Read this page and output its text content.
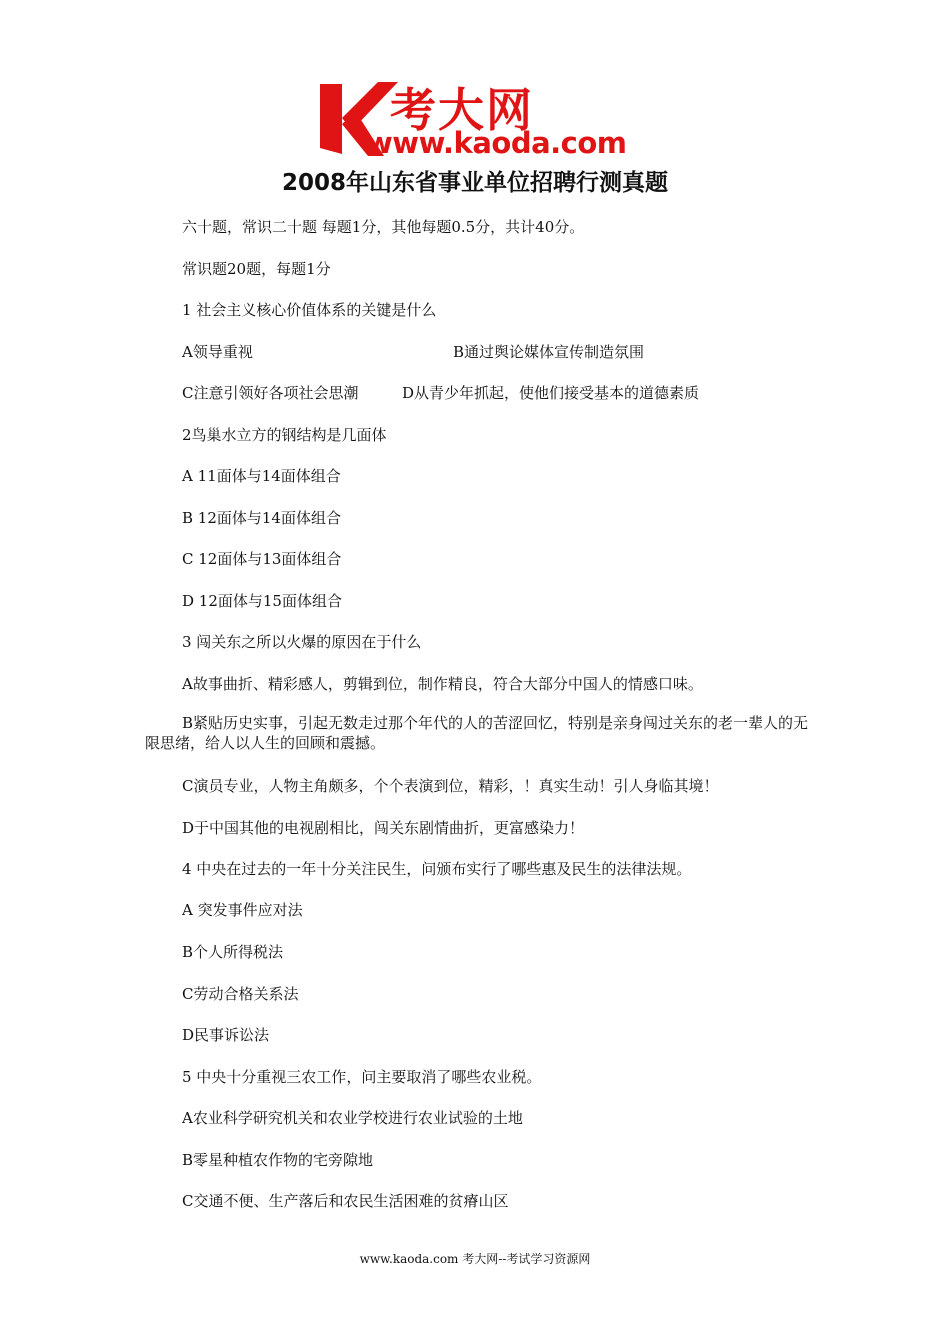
考大网
www.kaoda.com
2008年山东省事业单位招聘行测真题
六十题，常识二十题 每题1分，其他每题0.5分，共计40分。
常识题20题，每题1分
1 社会主义核心价值体系的关键是什么
A领导重视	B通过舆论媒体宣传制造氛围
C注意引领好各项社会思潮	D从青少年抓起，使他们接受基本的道德素质
2鸟巢水立方的钢结构是几面体
A 11面体与14面体组合
B 12面体与14面体组合
C 12面体与13面体组合
D 12面体与15面体组合
3 闯关东之所以火爆的原因在于什么
A故事曲折、精彩感人，剪辑到位，制作精良，符合大部分中国人的情感口味。
B紧贴历史实事，引起无数走过那个年代的人的苦涩回忆，特别是亲身闯过关东的老一辈人的无限思绪，给人以人生的回顾和震撼。
C演员专业，人物主角颇多，个个表演到位，精彩，！真实生动！引人身临其境！
D于中国其他的电视剧相比，闯关东剧情曲折，更富感染力！
4 中央在过去的一年十分关注民生，问颁布实行了哪些惠及民生的法律法规。
A 突发事件应对法
B个人所得税法
C劳动合格关系法
D民事诉讼法
5 中央十分重视三农工作，问主要取消了哪些农业税。
A农业科学研究机关和农业学校进行农业试验的土地
B零星种植农作物的宅旁隙地
C交通不便、生产落后和农民生活困难的贫瘠山区
www.kaoda.com 考大网--考试学习资源网
